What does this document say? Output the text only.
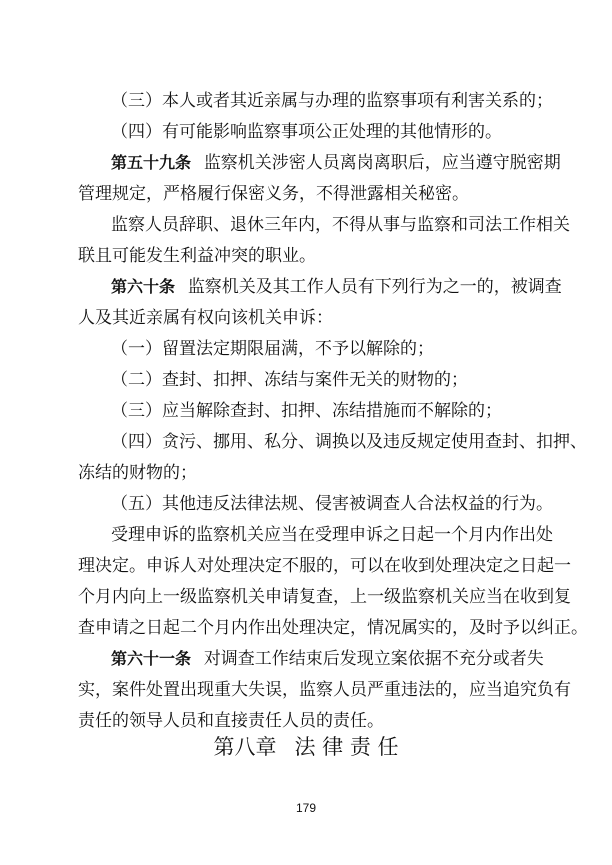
（三）本人或者其近亲属与办理的监察事项有利害关系的；
（四）有可能影响监察事项公正处理的其他情形的。
第五十九条 监察机关涉密人员离岗离职后，应当遵守脱密期
管理规定，严格履行保密义务，不得泄露相关秘密。
监察人员辞职、退休三年内，不得从事与监察和司法工作相关
联且可能发生利益冲突的职业。
第六十条 监察机关及其工作人员有下列行为之一的，被调查
人及其近亲属有权向该机关申诉：
（一）留置法定期限届满，不予以解除的；
（二）查封、扣押、冻结与案件无关的财物的；
（三）应当解除查封、扣押、冻结措施而不解除的；
（四）贪污、挪用、私分、调换以及违反规定使用查封、扣押、
冻结的财物的；
（五）其他违反法律法规、侵害被调查人合法权益的行为。
受理申诉的监察机关应当在受理申诉之日起一个月内作出处
理决定。申诉人对处理决定不服的，可以在收到处理决定之日起一
个月内向上一级监察机关申请复查，上一级监察机关应当在收到复
查申请之日起二个月内作出处理决定，情况属实的，及时予以纠正。
第六十一条 对调查工作结束后发现立案依据不充分或者失
实，案件处置出现重大失误，监察人员严重违法的，应当追究负有
责任的领导人员和直接责任人员的责任。
第八章 法 律 责 任
179
